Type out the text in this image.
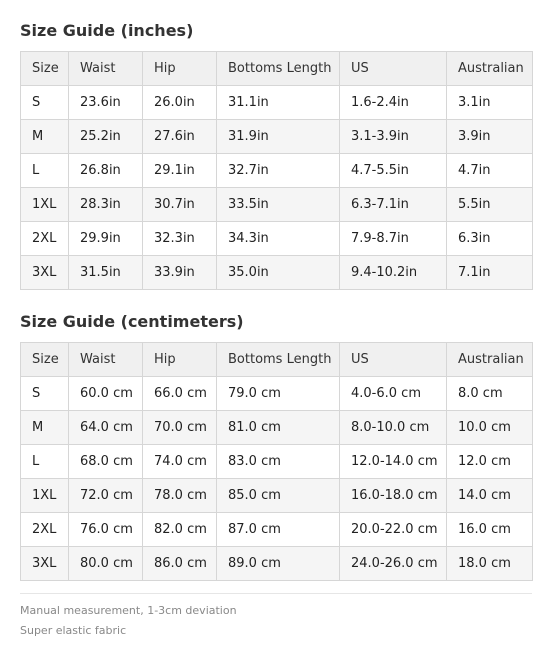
Size Guide (inches)
Size	Waist	Hip	Bottoms Length	US	Australian
S	23.6in	26.0in	31.1in	1.6-2.4in	3.1in
M	25.2in	27.6in	31.9in	3.1-3.9in	3.9in
L	26.8in	29.1in	32.7in	4.7-5.5in	4.7in
1XL	28.3in	30.7in	33.5in	6.3-7.1in	5.5in
2XL	29.9in	32.3in	34.3in	7.9-8.7in	6.3in
3XL	31.5in	33.9in	35.0in	9.4-10.2in	7.1in
Size Guide (centimeters)
Size	Waist	Hip	Bottoms Length	US	Australian
S	60.0 cm	66.0 cm	79.0 cm	4.0-6.0 cm	8.0 cm
M	64.0 cm	70.0 cm	81.0 cm	8.0-10.0 cm	10.0 cm
L	68.0 cm	74.0 cm	83.0 cm	12.0-14.0 cm	12.0 cm
1XL	72.0 cm	78.0 cm	85.0 cm	16.0-18.0 cm	14.0 cm
2XL	76.0 cm	82.0 cm	87.0 cm	20.0-22.0 cm	16.0 cm
3XL	80.0 cm	86.0 cm	89.0 cm	24.0-26.0 cm	18.0 cm

Manual measurement, 1-3cm deviation

Super elastic fabric
